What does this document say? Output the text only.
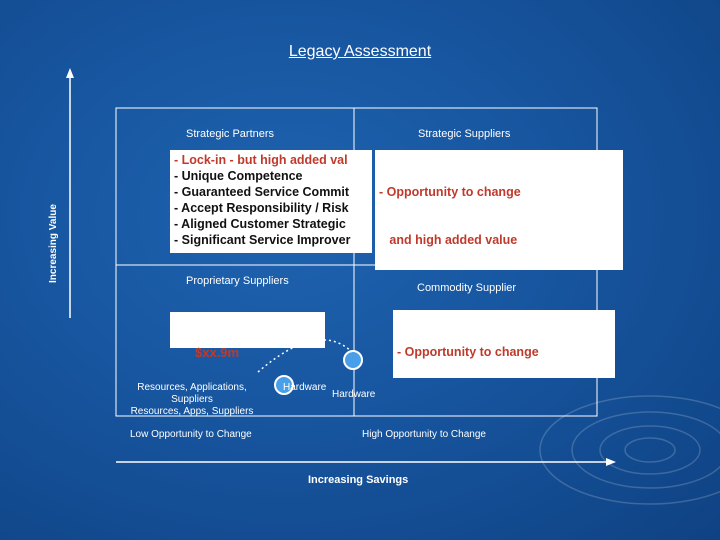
Legacy Assessment
Increasing Value
Strategic Partners	Strategic Suppliers
Proprietary Suppliers
Commodity Supplier
- Lock-in - but high added val
- Unique Competence
- Guaranteed Service Commit
- Accept Responsibility / Risk
- Aligned Customer Strategic
- Significant Service Improver

- Opportunity to change

and high added value

$xx.9m

	- Opportunity to change

Resources, Applications,
Suppliers
Resources, Apps, Suppliers
Hardware
Hardware
Low Opportunity to Change	High Opportunity to Change
Increasing Savings
